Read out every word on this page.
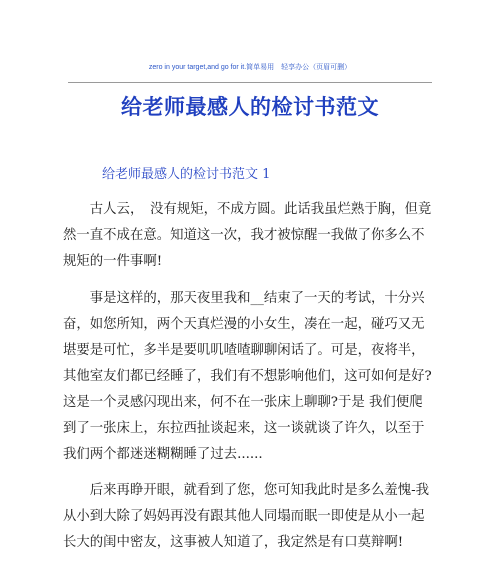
zero in your target,and go for it.简单易用　轻享办公（页眉可删）
给老师最感人的检讨书范文
给老师最感人的检讨书范文 1
　　古人云，　没有规矩，不成方圆。此话我虽烂熟于胸，但竟
然一直不成在意。知道这一次，我才被惊醒一我做了你多么不
规矩的一件事啊!
　　事是这样的，那天夜里我和__结束了一天的考试，十分兴
奋，如您所知，两个天真烂漫的小女生，凑在一起，碰巧又无
堪要是可忙，多半是要叽叽喳喳聊聊闲话了。可是，夜将半，
其他室友们都已经睡了，我们有不想影响他们，这可如何是好?
这是一个灵感闪现出来，何不在一张床上聊聊?于是 我们便爬
到了一张床上，东拉西扯谈起来，这一谈就谈了许久，以至于
我们两个都迷迷糊糊睡了过去......
　　后来再睁开眼，就看到了您，您可知我此时是多么羞愧-我
从小到大除了妈妈再没有跟其他人同塌而眠一即使是从小一起
长大的闺中密友，这事被人知道了，我定然是有口莫辩啊!
